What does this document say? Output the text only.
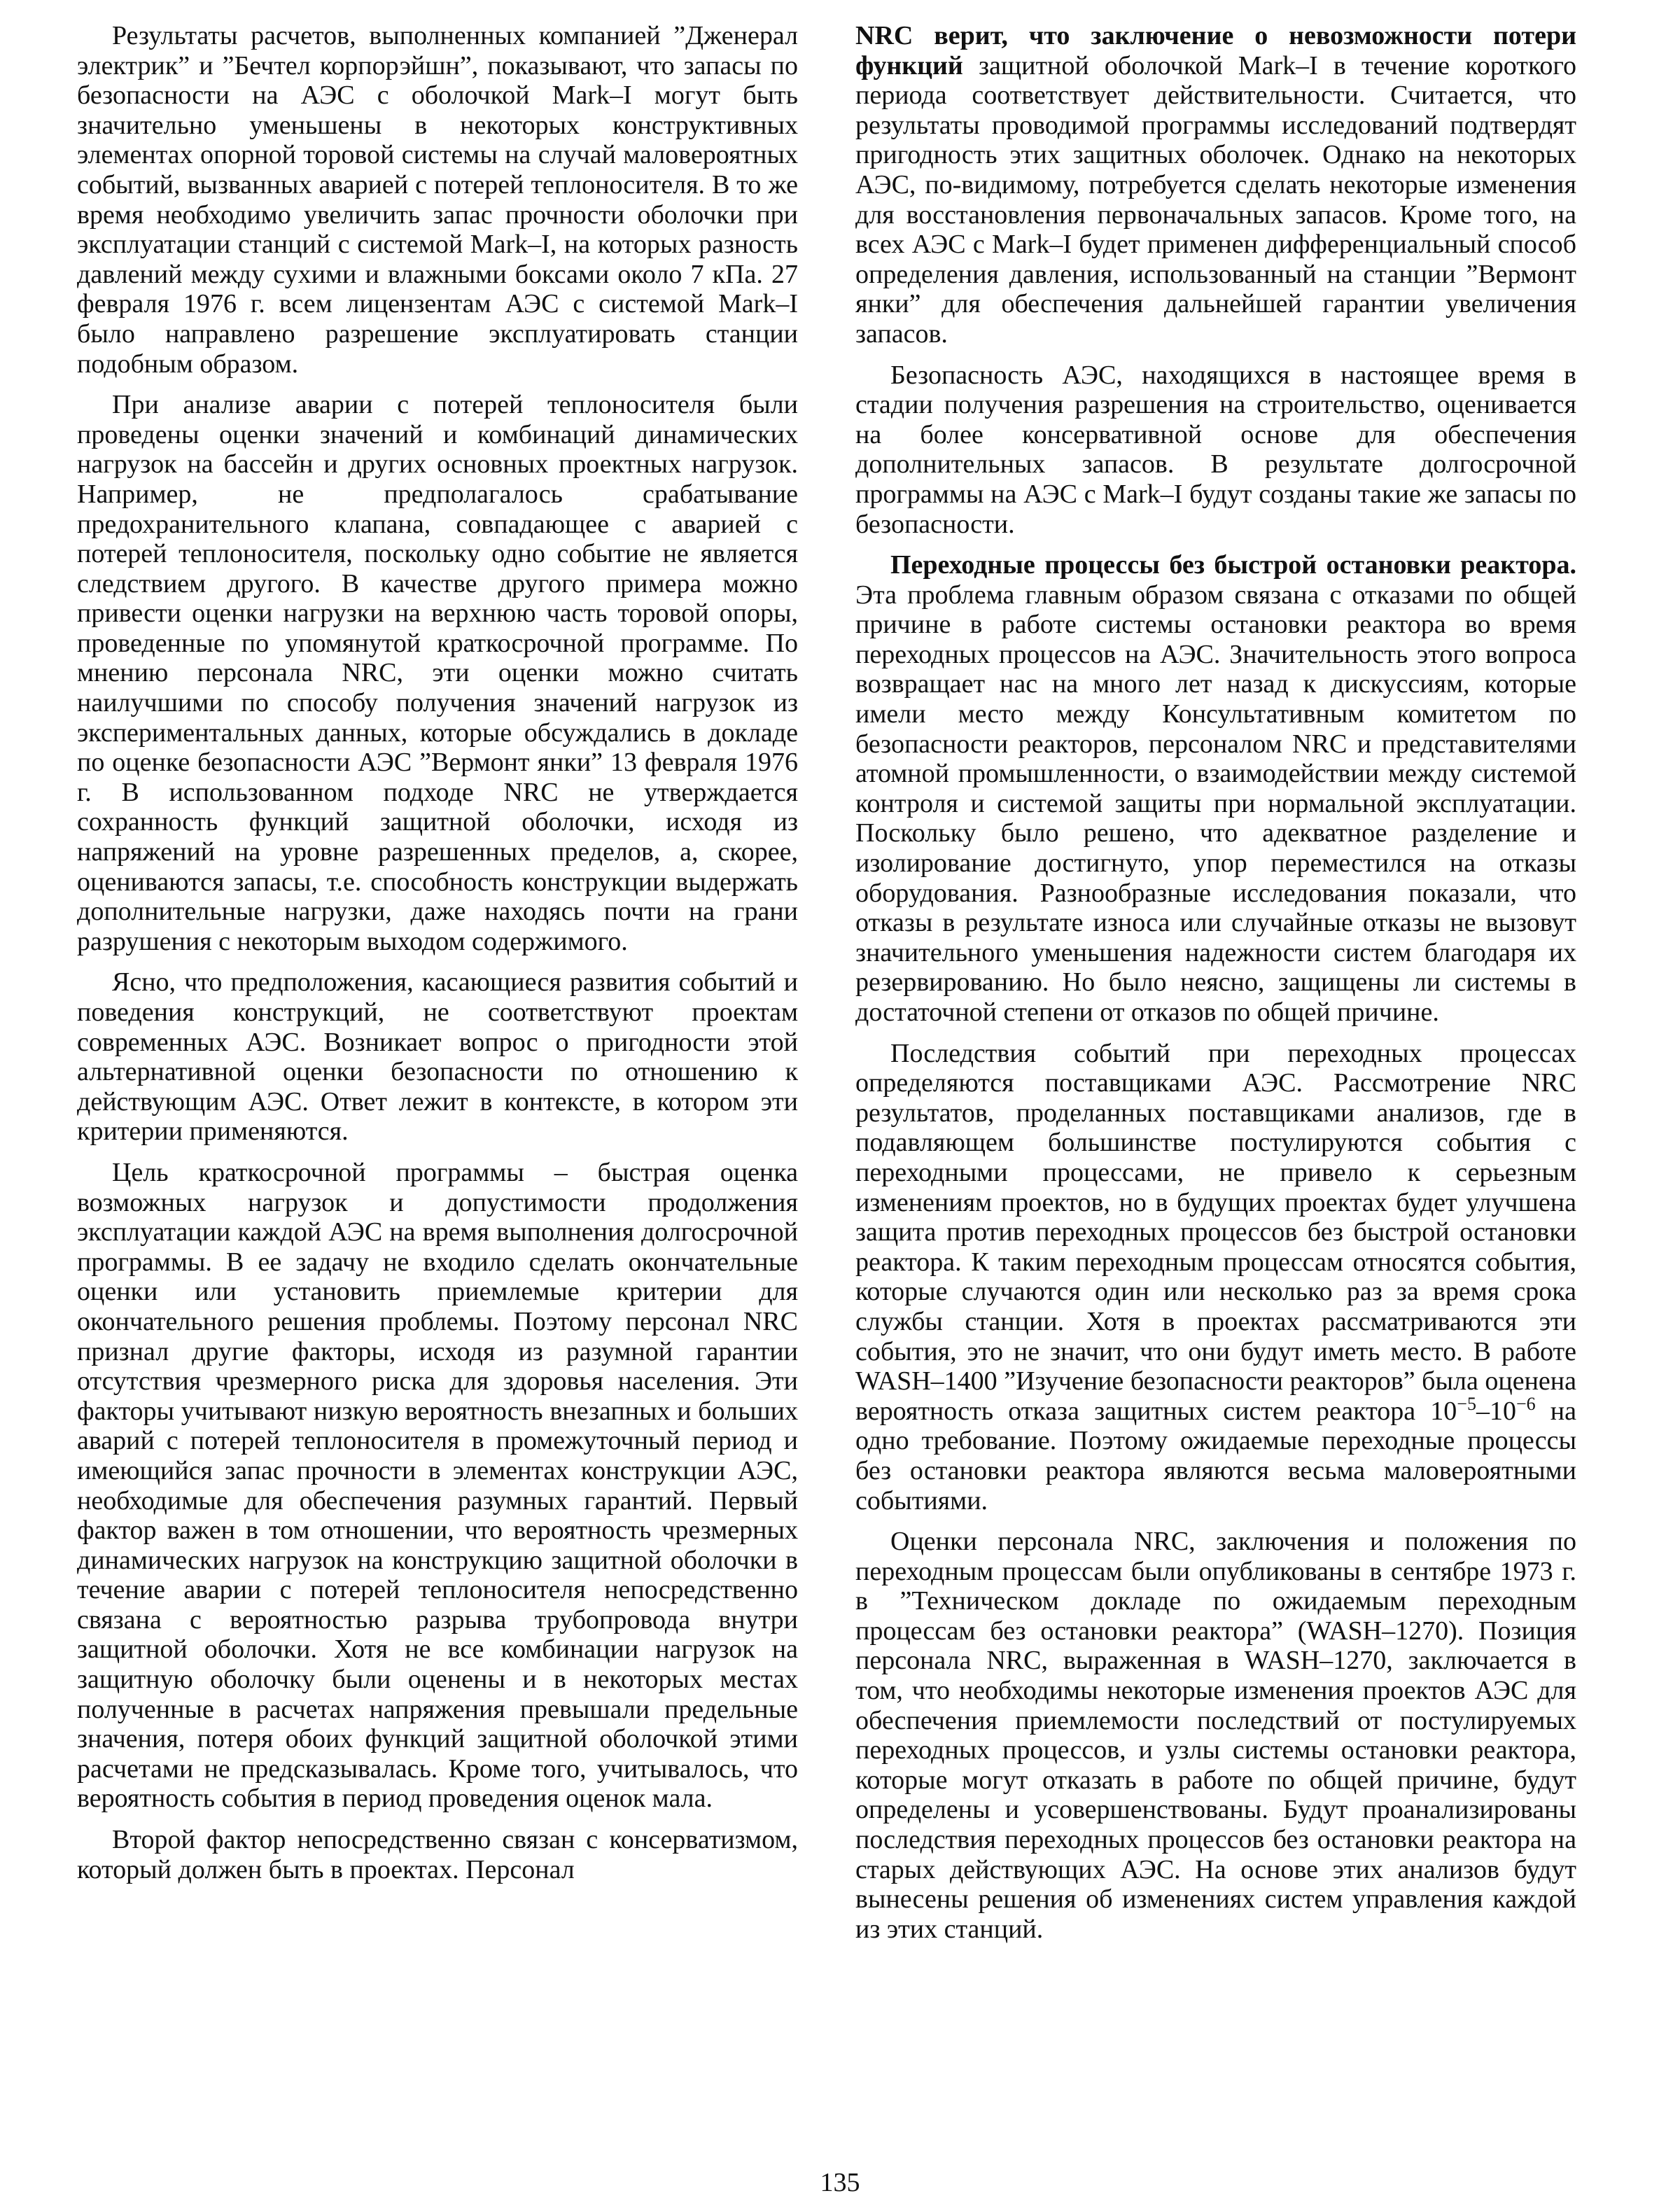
Результаты расчетов, выполненных компанией ”Дженерал электрик” и ”Бечтел корпорэйшн”, показывают, что запасы по безопасности на АЭС с оболочкой Mark–I могут быть значительно уменьшены в некоторых конструктивных элементах опорной торовой системы на случай маловероятных событий, вызванных аварией с потерей теплоносителя. В то же время необходимо увеличить запас прочности оболочки при эксплуатации станций с системой Mark–I, на которых разность давлений между сухими и влажными боксами около 7 кПа. 27 февраля 1976 г. всем лицензентам АЭС с системой Mark–I было направлено разрешение эксплуатировать станции подобным образом.

При анализе аварии с потерей теплоносителя были проведены оценки значений и комбинаций динамических нагрузок на бассейн и других основных проектных нагрузок. Например, не предполагалось срабатывание предохранительного клапана, совпадающее с аварией с потерей теплоносителя, поскольку одно событие не является следствием другого. В качестве другого примера можно привести оценки нагрузки на верхнюю часть торовой опоры, проведенные по упомянутой краткосрочной программе. По мнению персонала NRC, эти оценки можно считать наилучшими по способу получения значений нагрузок из экспериментальных данных, которые обсуждались в докладе по оценке безопасности АЭС ”Вермонт янки” 13 февраля 1976 г. В использованном подходе NRC не утверждается сохранность функций защитной оболочки, исходя из напряжений на уровне разрешенных пределов, а, скорее, оцениваются запасы, т.е. способность конструкции выдержать дополнительные нагрузки, даже находясь почти на грани разрушения с некоторым выходом содержимого.

Ясно, что предположения, касающиеся развития событий и поведения конструкций, не соответствуют проектам современных АЭС. Возникает вопрос о пригодности этой альтернативной оценки безопасности по отношению к действующим АЭС. Ответ лежит в контексте, в котором эти критерии применяются.

Цель краткосрочной программы – быстрая оценка возможных нагрузок и допустимости продолжения эксплуатации каждой АЭС на время выполнения долгосрочной программы. В ее задачу не входило сделать окончательные оценки или установить приемлемые критерии для окончательного решения проблемы. Поэтому персонал NRC признал другие факторы, исходя из разумной гарантии отсутствия чрезмерного риска для здоровья населения. Эти факторы учитывают низкую вероятность внезапных и больших аварий с потерей теплоносителя в промежуточный период и имеющийся запас прочности в элементах конструкции АЭС, необходимые для обеспечения разумных гарантий. Первый фактор важен в том отношении, что вероятность чрезмерных динамических нагрузок на конструкцию защитной оболочки в течение аварии с потерей теплоносителя непосредственно связана с вероятностью разрыва трубопровода внутри защитной оболочки. Хотя не все комбинации нагрузок на защитную оболочку были оценены и в некоторых местах полученные в расчетах напряжения превышали предельные значения, потеря обоих функций защитной оболочкой этими расчетами не предсказывалась. Кроме того, учитывалось, что вероятность события в период проведения оценок мала.

Второй фактор непосредственно связан с консерватизмом, который должен быть в проектах. Персонал

NRC верит, что заключение о невозможности потери функций защитной оболочкой Mark–I в течение короткого периода соответствует действительности. Считается, что результаты проводимой программы исследований подтвердят пригодность этих защитных оболочек. Однако на некоторых АЭС, по-видимому, потребуется сделать некоторые изменения для восстановления первоначальных запасов. Кроме того, на всех АЭС с Mark–I будет применен дифференциальный способ определения давления, использованный на станции ”Вермонт янки” для обеспечения дальнейшей гарантии увеличения запасов.

Безопасность АЭС, находящихся в настоящее время в стадии получения разрешения на строительство, оценивается на более консервативной основе для обеспечения дополнительных запасов. В результате долгосрочной программы на АЭС с Mark–I будут созданы такие же запасы по безопасности.

Переходные процессы без быстрой остановки реактора. Эта проблема главным образом связана с отказами по общей причине в работе системы остановки реактора во время переходных процессов на АЭС. Значительность этого вопроса возвращает нас на много лет назад к дискуссиям, которые имели место между Консультативным комитетом по безопасности реакторов, персоналом NRC и представителями атомной промышленности, о взаимодействии между системой контроля и системой защиты при нормальной эксплуатации. Поскольку было решено, что адекватное разделение и изолирование достигнуто, упор переместился на отказы оборудования. Разнообразные исследования показали, что отказы в результате износа или случайные отказы не вызовут значительного уменьшения надежности систем благодаря их резервированию. Но было неясно, защищены ли системы в достаточной степени от отказов по общей причине.

Последствия событий при переходных процессах определяются поставщиками АЭС. Рассмотрение NRC результатов, проделанных поставщиками анализов, где в подавляющем большинстве постулируются события с переходными процессами, не привело к серьезным изменениям проектов, но в будущих проектах будет улучшена защита против переходных процессов без быстрой остановки реактора. К таким переходным процессам относятся события, которые случаются один или несколько раз за время срока службы станции. Хотя в проектах рассматриваются эти события, это не значит, что они будут иметь место. В работе WASH–1400 ”Изучение безопасности реакторов” была оценена вероятность отказа защитных систем реактора $10^{-5}-10^{-6}$ на одно требование. Поэтому ожидаемые переходные процессы без остановки реактора являются весьма маловероятными событиями.

Оценки персонала NRC, заключения и положения по переходным процессам были опубликованы в сентябре 1973 г. в ”Техническом докладе по ожидаемым переходным процессам без остановки реактора” (WASH–1270). Позиция персонала NRC, выраженная в WASH–1270, заключается в том, что необходимы некоторые изменения проектов АЭС для обеспечения приемлемости последствий от постулируемых переходных процессов, и узлы системы остановки реактора, которые могут отказать в работе по общей причине, будут определены и усовершенствованы. Будут проанализированы последствия переходных процессов без остановки реактора на старых действующих АЭС. На основе этих анализов будут вынесены решения об изменениях систем управления каждой из этих станций.

135
